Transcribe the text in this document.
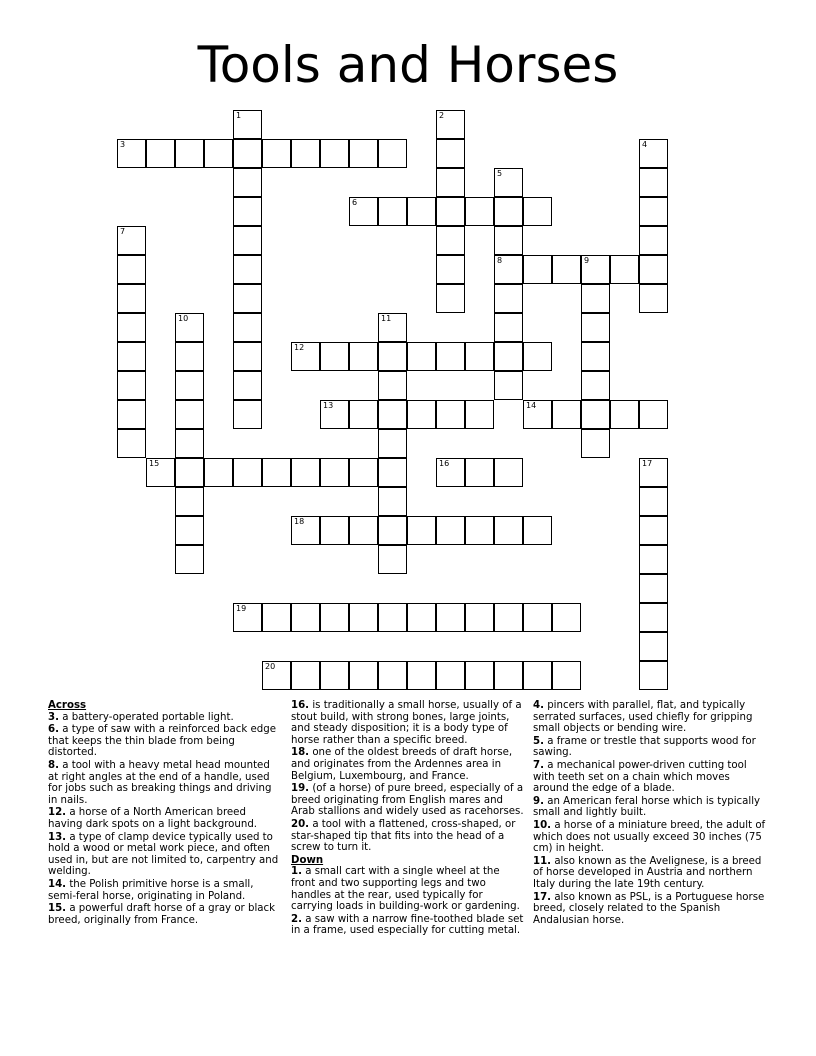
Tools and Horses
1	2
3	4
5
8
6
7
9
10	11
12
13	14
15	16	17
18
19
20
Across
3. a battery-operated portable light.
6. a type of saw with a reinforced back edge that keeps the thin blade from being distorted.
8. a tool with a heavy metal head mounted at right angles at the end of a handle, used for jobs such as breaking things and driving in nails.
12. a horse of a North American breed having dark spots on a light background.
13. a type of clamp device typically used to hold a wood or metal work piece, and often used in, but are not limited to, carpentry and welding.
14. the Polish primitive horse is a small, semi-feral horse, originating in Poland.
15. a powerful draft horse of a gray or black breed, originally from France.
16. is traditionally a small horse, usually of a stout build, with strong bones, large joints, and steady disposition; it is a body type of horse rather than a specific breed.
18. one of the oldest breeds of draft horse, and originates from the Ardennes area in Belgium, Luxembourg, and France.
19. (of a horse) of pure breed, especially of a breed originating from English mares and Arab stallions and widely used as racehorses.
20. a tool with a flattened, cross-shaped, or star-shaped tip that fits into the head of a screw to turn it.
Down
1. a small cart with a single wheel at the front and two supporting legs and two handles at the rear, used typically for carrying loads in building-work or gardening.
2. a saw with a narrow fine-toothed blade set in a frame, used especially for cutting metal.
4. pincers with parallel, flat, and typically serrated surfaces, used chiefly for gripping small objects or bending wire.
5. a frame or trestle that supports wood for sawing.
7. a mechanical power-driven cutting tool with teeth set on a chain which moves around the edge of a blade.
9. an American feral horse which is typically small and lightly built.
10. a horse of a miniature breed, the adult of which does not usually exceed 30 inches (75 cm) in height.
11. also known as the Avelignese, is a breed of horse developed in Austria and northern Italy during the late 19th century.
17. also known as PSL, is a Portuguese horse breed, closely related to the Spanish Andalusian horse.
